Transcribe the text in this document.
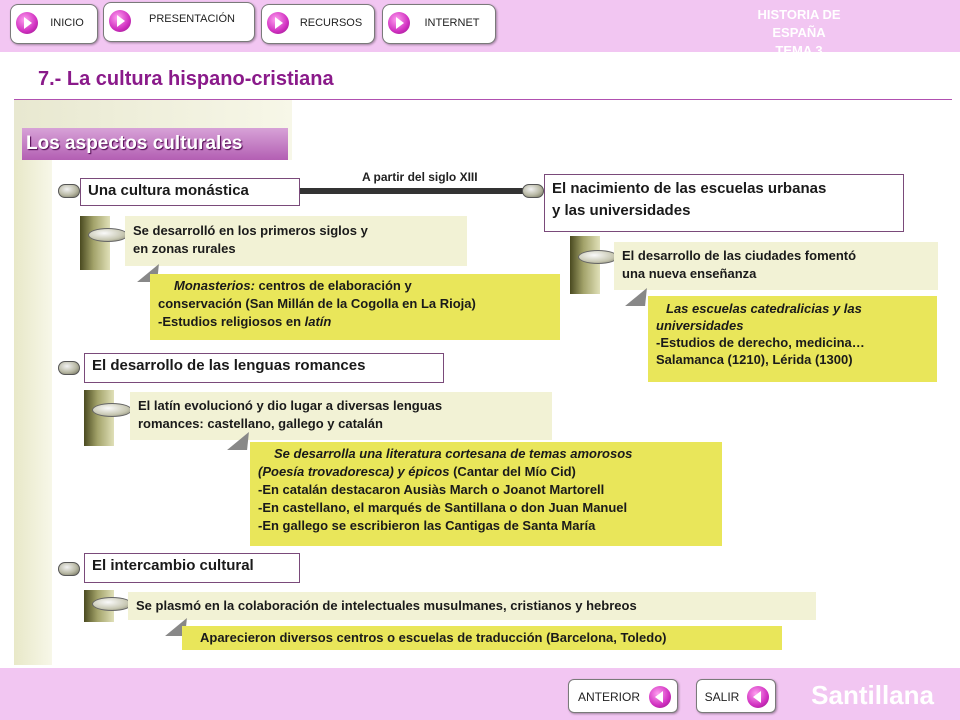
INICIO	PRESENTACIÓN	RECURSOS	INTERNET
HISTORIA DE ESPAÑA
TEMA 3
7.- La cultura hispano-cristiana
Los aspectos culturales
A partir del siglo XIII
Una cultura monástica
Se desarrolló en los primeros siglos y
en zonas rurales
Monasterios: centros de elaboración y
conservación (San Millán de la Cogolla en La Rioja)
-Estudios religiosos en latín
El nacimiento de las escuelas urbanas
y las universidades
El desarrollo de las ciudades fomentó
una nueva enseñanza
Las escuelas catedralicias y las
universidades
-Estudios de derecho, medicina…
Salamanca (1210), Lérida (1300)
El desarrollo de las lenguas romances
El latín evolucionó y dio lugar a diversas lenguas
romances: castellano, gallego y catalán
Se desarrolla una literatura cortesana de temas amorosos
(Poesía trovadoresca) y épicos (Cantar del Mío Cid)
-En catalán destacaron Ausiàs March o Joanot Martorell
-En castellano, el marqués de Santillana o don Juan Manuel
-En gallego se escribieron las Cantigas de Santa María
El intercambio cultural
Se plasmó en la colaboración de intelectuales musulmanes, cristianos y hebreos
Aparecieron diversos centros o escuelas de traducción (Barcelona, Toledo)
ANTERIOR	SALIR	Santillana
